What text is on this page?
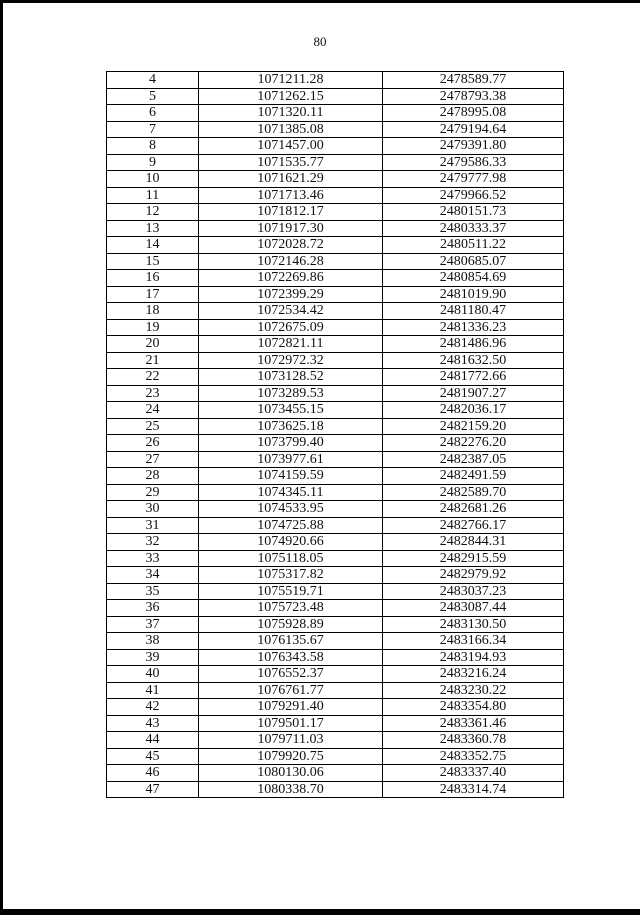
80
4	1071211.28	2478589.77
5	1071262.15	2478793.38
6	1071320.11	2478995.08
7	1071385.08	2479194.64
8	1071457.00	2479391.80
9	1071535.77	2479586.33
10	1071621.29	2479777.98
11	1071713.46	2479966.52
12	1071812.17	2480151.73
13	1071917.30	2480333.37
14	1072028.72	2480511.22
15	1072146.28	2480685.07
16	1072269.86	2480854.69
17	1072399.29	2481019.90
18	1072534.42	2481180.47
19	1072675.09	2481336.23
20	1072821.11	2481486.96
21	1072972.32	2481632.50
22	1073128.52	2481772.66
23	1073289.53	2481907.27
24	1073455.15	2482036.17
25	1073625.18	2482159.20
26	1073799.40	2482276.20
27	1073977.61	2482387.05
28	1074159.59	2482491.59
29	1074345.11	2482589.70
30	1074533.95	2482681.26
31	1074725.88	2482766.17
32	1074920.66	2482844.31
33	1075118.05	2482915.59
34	1075317.82	2482979.92
35	1075519.71	2483037.23
36	1075723.48	2483087.44
37	1075928.89	2483130.50
38	1076135.67	2483166.34
39	1076343.58	2483194.93
40	1076552.37	2483216.24
41	1076761.77	2483230.22
42	1079291.40	2483354.80
43	1079501.17	2483361.46
44	1079711.03	2483360.78
45	1079920.75	2483352.75
46	1080130.06	2483337.40
47	1080338.70	2483314.74
